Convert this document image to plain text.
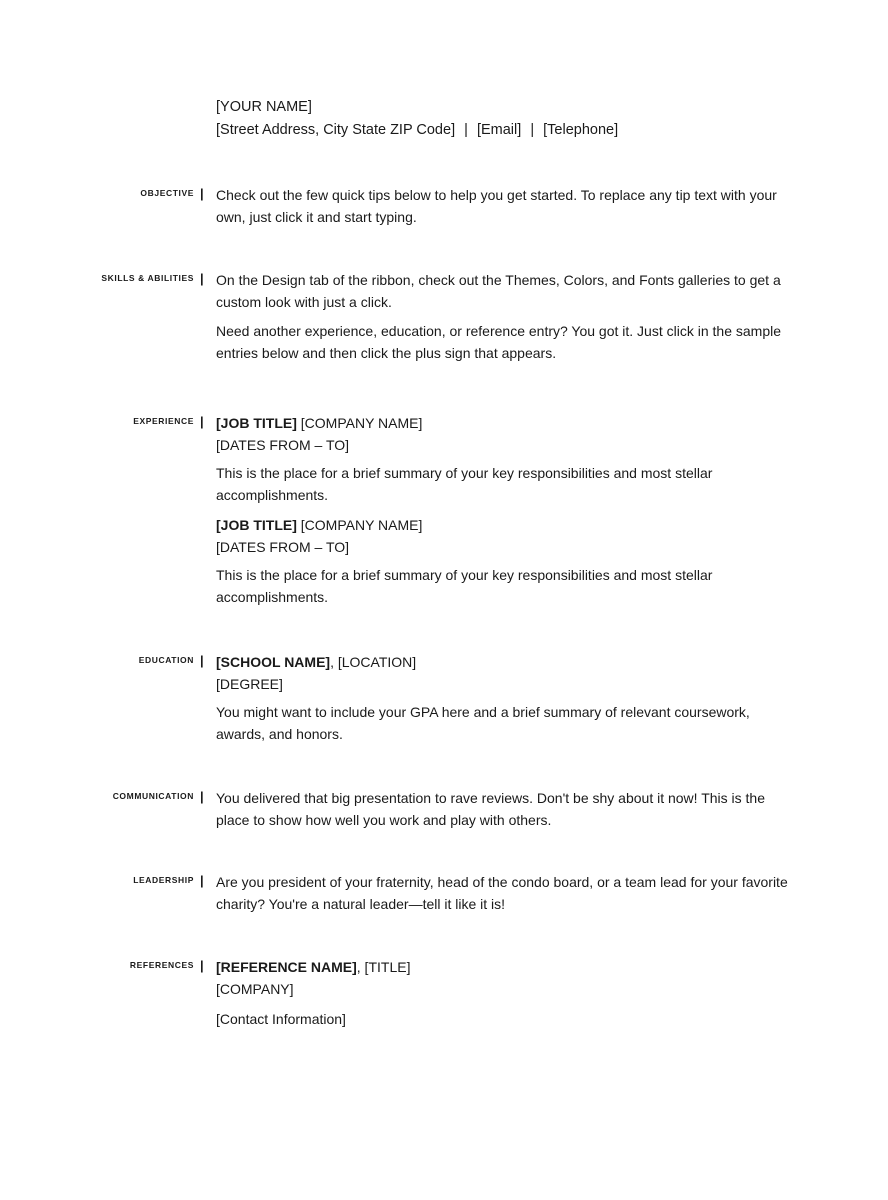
[YOUR NAME]
[Street Address, City State ZIP Code] | [Email] | [Telephone]
OBJECTIVE | Check out the few quick tips below to help you get started. To replace any tip text with your own, just click it and start typing.

SKILLS & ABILITIES | On the Design tab of the ribbon, check out the Themes, Colors, and Fonts galleries to get a custom look with just a click.

Need another experience, education, or reference entry? You got it. Just click in the sample entries below and then click the plus sign that appears.

EXPERIENCE | [JOB TITLE] [COMPANY NAME]
[DATES FROM – TO]

This is the place for a brief summary of your key responsibilities and most stellar accomplishments.

[JOB TITLE] [COMPANY NAME]
[DATES FROM – TO]

This is the place for a brief summary of your key responsibilities and most stellar accomplishments.

EDUCATION | [SCHOOL NAME], [LOCATION]
[DEGREE]

You might want to include your GPA here and a brief summary of relevant coursework, awards, and honors.

COMMUNICATION | You delivered that big presentation to rave reviews. Don't be shy about it now! This is the place to show how well you work and play with others.

LEADERSHIP | Are you president of your fraternity, head of the condo board, or a team lead for your favorite charity? You're a natural leader—tell it like it is!

REFERENCES | [REFERENCE NAME], [TITLE]
[COMPANY]
[Contact Information]
